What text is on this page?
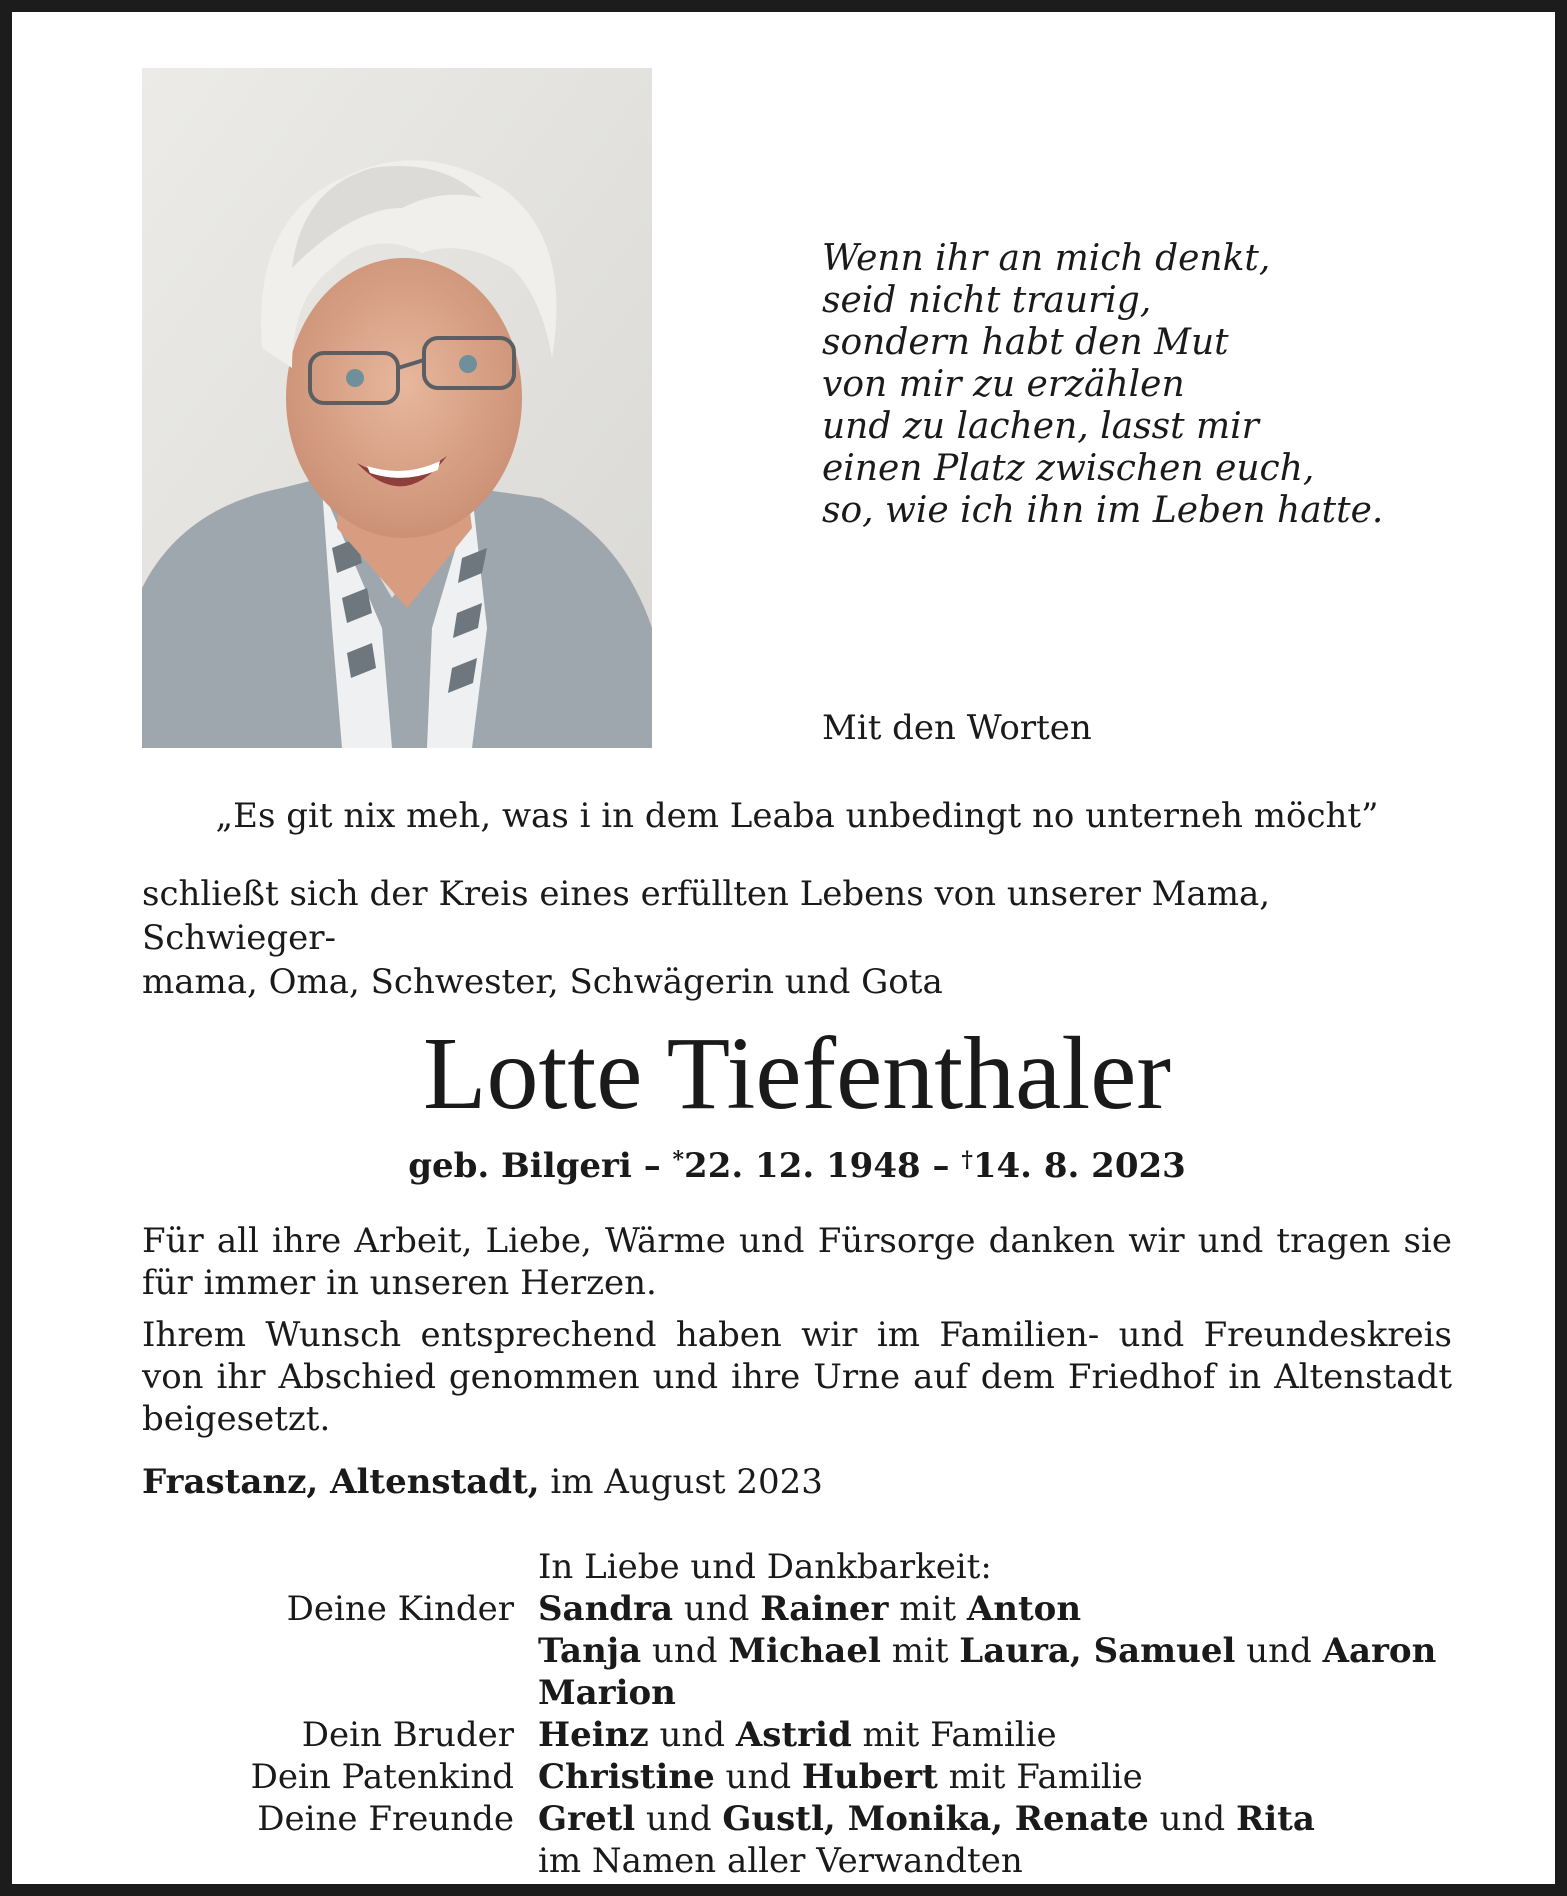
Wenn ihr an mich denkt,
seid nicht traurig,
sondern habt den Mut
von mir zu erzählen
und zu lachen, lasst mir
einen Platz zwischen euch,
so, wie ich ihn im Leben hatte.
Mit den Worten
„Es git nix meh, was i in dem Leaba unbedingt no unterneh möcht”
schließt sich der Kreis eines erfüllten Lebens von unserer Mama, Schwieger-
mama, Oma, Schwester, Schwägerin und Gota
Lotte Tiefenthaler
geb. Bilgeri – *22. 12. 1948 – †14. 8. 2023

Für all ihre Arbeit, Liebe, Wärme und Fürsorge danken wir und tragen sie für immer in unseren Herzen.

Ihrem Wunsch entsprechend haben wir im Familien- und Freundeskreis von ihr Abschied genommen und ihre Urne auf dem Friedhof in Altenstadt beigesetzt.

Frastanz, Altenstadt, im August 2023
In Liebe und Dankbarkeit:
Deine Kinder Sandra und Rainer mit Anton
Tanja und Michael mit Laura, Samuel und Aaron
Marion
Dein Bruder Heinz und Astrid mit Familie
Dein Patenkind Christine und Hubert mit Familie
Deine Freunde Gretl und Gustl, Monika, Renate und Rita
im Namen aller Verwandten
